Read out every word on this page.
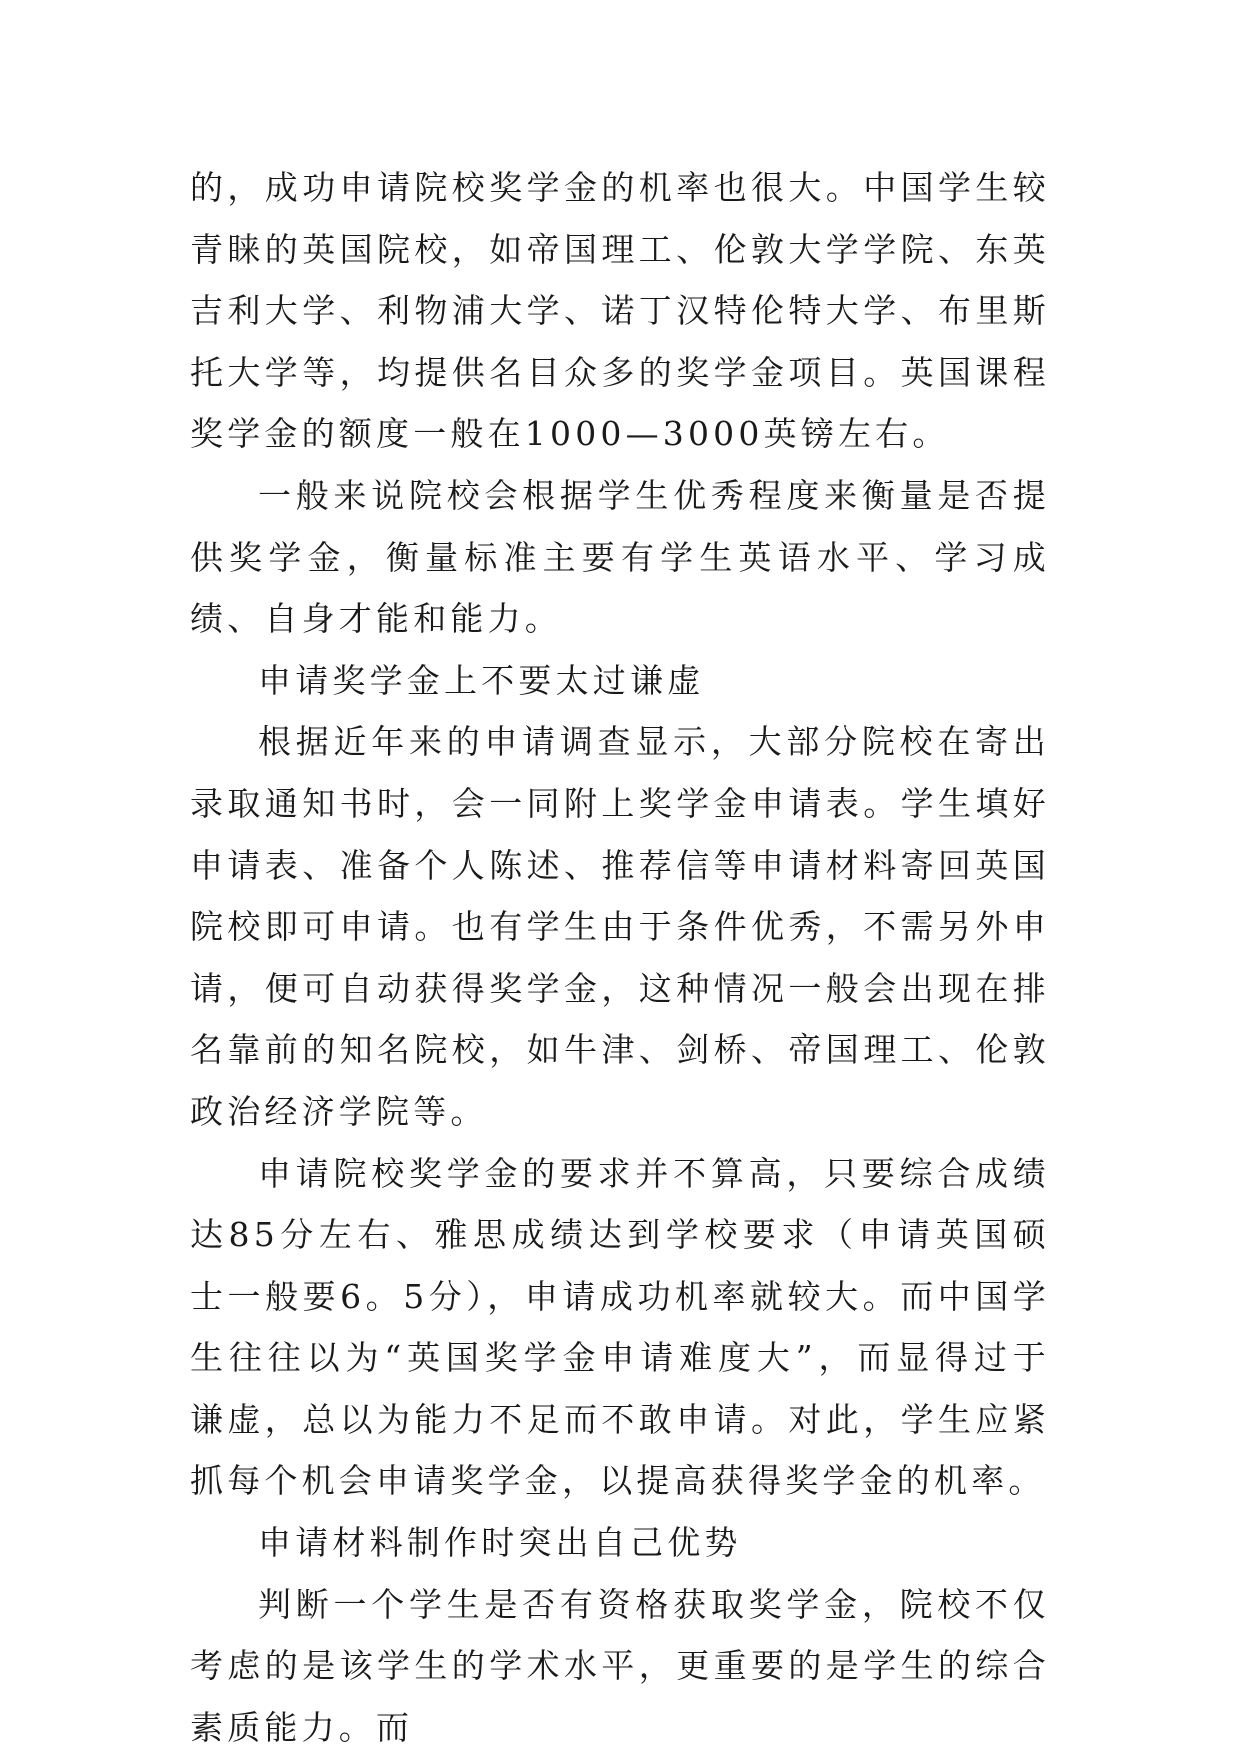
的，成功申请院校奖学金的机率也很大。中国学生较青睐的英国院校，如帝国理工、伦敦大学学院、东英吉利大学、利物浦大学、诺丁汉特伦特大学、布里斯托大学等，均提供名目众多的奖学金项目。英国课程奖学金的额度一般在1000—3000英镑左右。

一般来说院校会根据学生优秀程度来衡量是否提供奖学金，衡量标准主要有学生英语水平、学习成绩、自身才能和能力。

申请奖学金上不要太过谦虚

根据近年来的申请调查显示，大部分院校在寄出录取通知书时，会一同附上奖学金申请表。学生填好申请表、准备个人陈述、推荐信等申请材料寄回英国院校即可申请。也有学生由于条件优秀，不需另外申请，便可自动获得奖学金，这种情况一般会出现在排名靠前的知名院校，如牛津、剑桥、帝国理工、伦敦政治经济学院等。

申请院校奖学金的要求并不算高，只要综合成绩达85分左右、雅思成绩达到学校要求（申请英国硕士一般要6。5分），申请成功机率就较大。而中国学生往往以为“英国奖学金申请难度大”，而显得过于谦虚，总以为能力不足而不敢申请。对此，学生应紧抓每个机会申请奖学金，以提高获得奖学金的机率。

申请材料制作时突出自己优势

判断一个学生是否有资格获取奖学金，院校不仅考虑的是该学生的学术水平，更重要的是学生的综合素质能力。而
